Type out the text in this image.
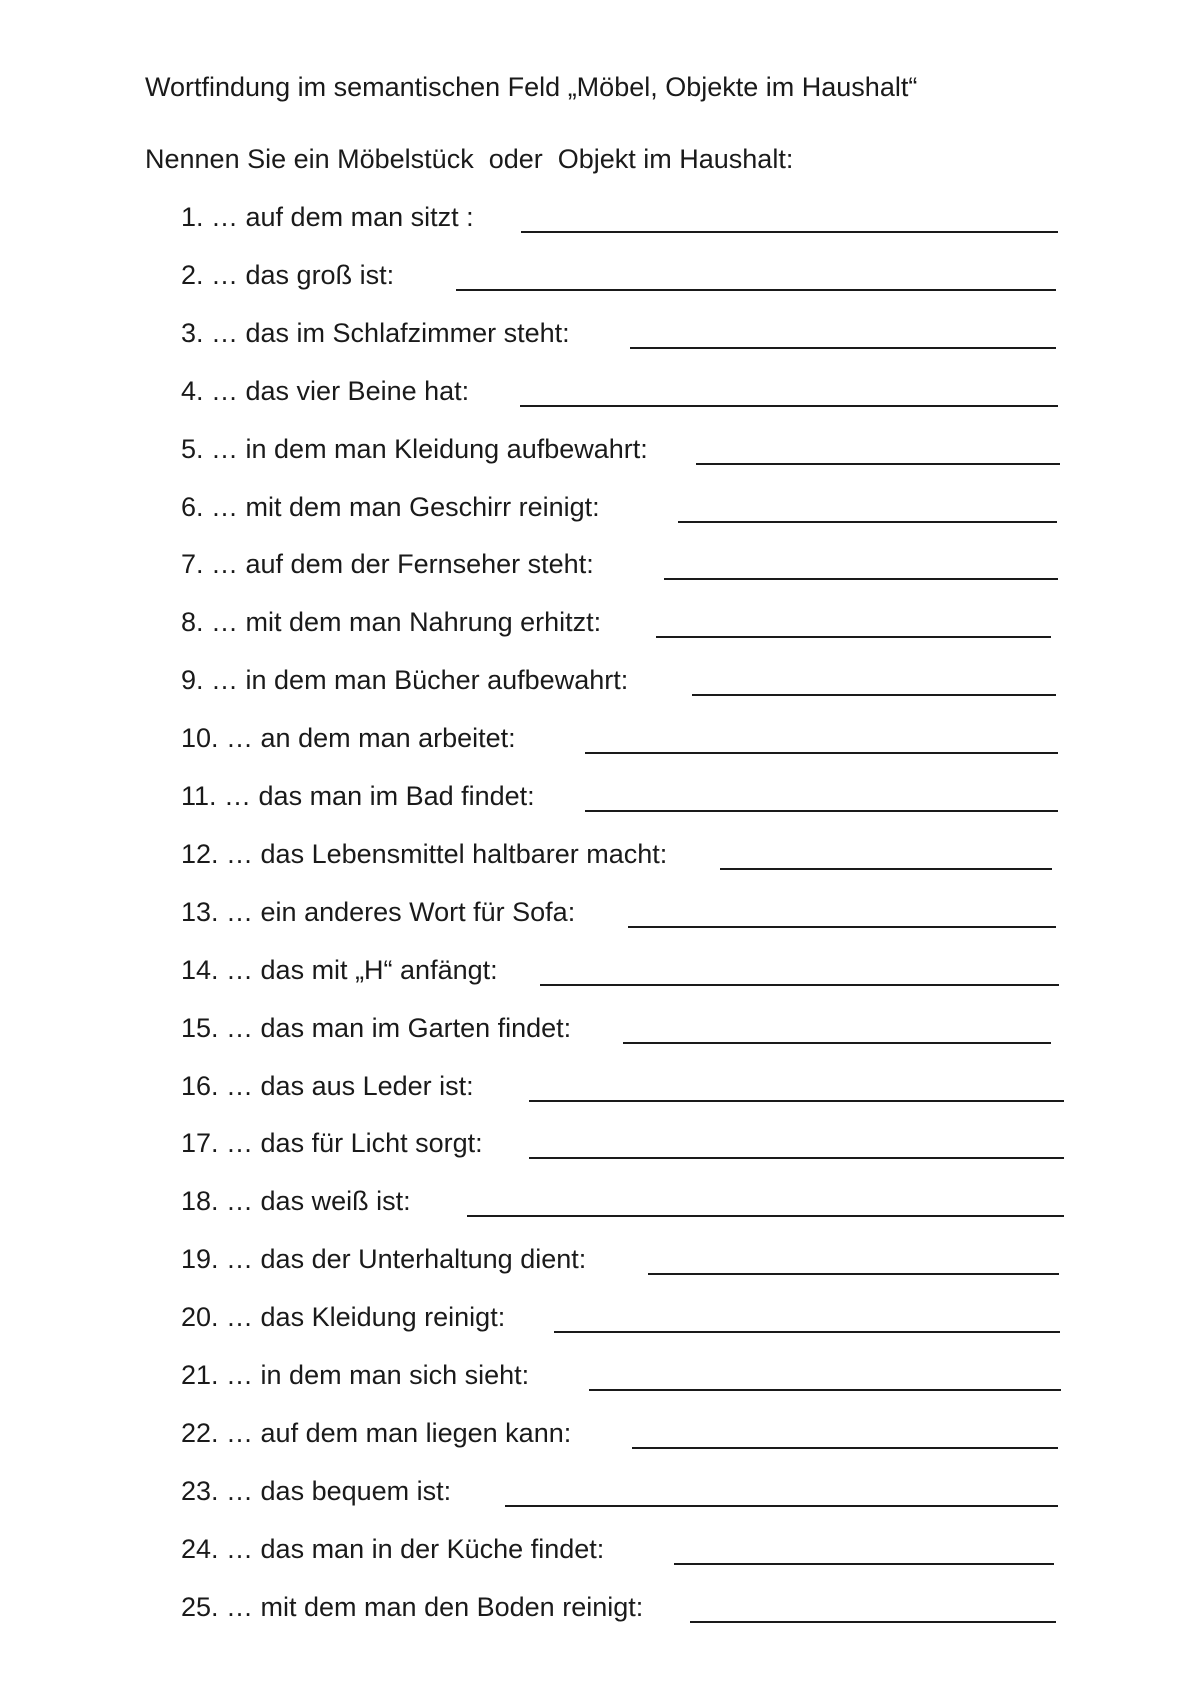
Wortfindung im semantischen Feld „Möbel, Objekte im Haushalt“
Nennen Sie ein Möbelstück  oder  Objekt im Haushalt:
1. … auf dem man sitzt :
2. … das groß ist:
3. … das im Schlafzimmer steht:
4. … das vier Beine hat:
5. … in dem man Kleidung aufbewahrt:
6. … mit dem man Geschirr reinigt:
7. … auf dem der Fernseher steht:
8. … mit dem man Nahrung erhitzt:
9. … in dem man Bücher aufbewahrt:
10. … an dem man arbeitet:
11. … das man im Bad findet:
12. … das Lebensmittel haltbarer macht:
13. … ein anderes Wort für Sofa:
14. … das mit „H“ anfängt:
15. … das man im Garten findet:
16. … das aus Leder ist:
17. … das für Licht sorgt:
18. … das weiß ist:
19. … das der Unterhaltung dient:
20. … das Kleidung reinigt:
21. … in dem man sich sieht:
22. … auf dem man liegen kann:
23. … das bequem ist:
24. … das man in der Küche findet:
25. … mit dem man den Boden reinigt:
